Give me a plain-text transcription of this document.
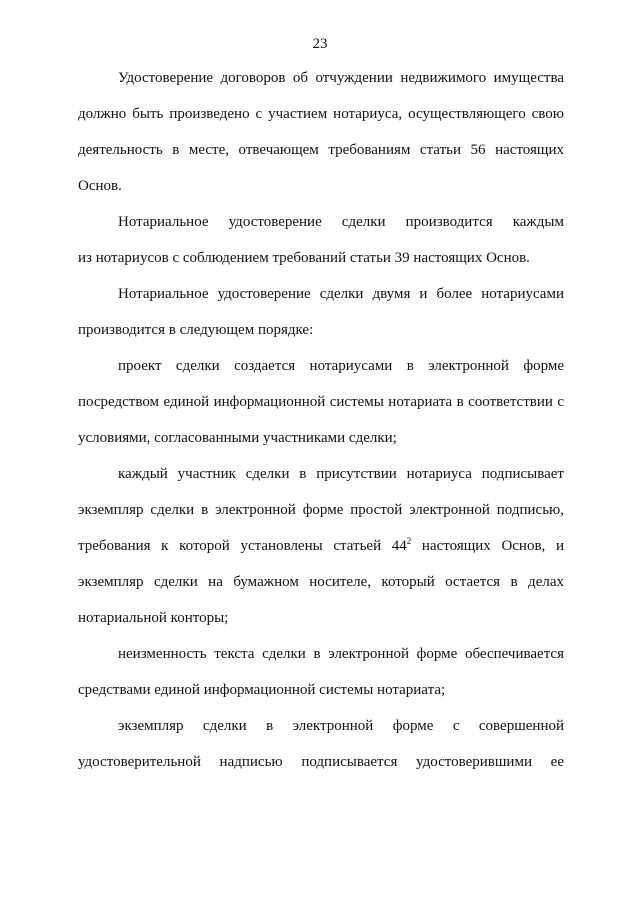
23
Удостоверение договоров об отчуждении недвижимого имущества
должно быть произведено с участием нотариуса, осуществляющего свою
деятельность в месте, отвечающем требованиям статьи 56 настоящих
Основ.
Нотариальное удостоверение сделки производится каждым
из нотариусов с соблюдением требований статьи 39 настоящих Основ.
Нотариальное удостоверение сделки двумя и более нотариусами
производится в следующем порядке:
проект сделки создается нотариусами в электронной форме
посредством единой информационной системы нотариата в соответствии с
условиями, согласованными участниками сделки;
каждый участник сделки в присутствии нотариуса подписывает
экземпляр сделки в электронной форме простой электронной подписью,
требования к которой установлены статьей $44^2$ настоящих Основ, и
экземпляр сделки на бумажном носителе, который остается в делах
нотариальной конторы;
неизменность текста сделки в электронной форме обеспечивается
средствами единой информационной системы нотариата;
экземпляр сделки в электронной форме с совершенной
удостоверительной надписью подписывается удостоверившими ее
